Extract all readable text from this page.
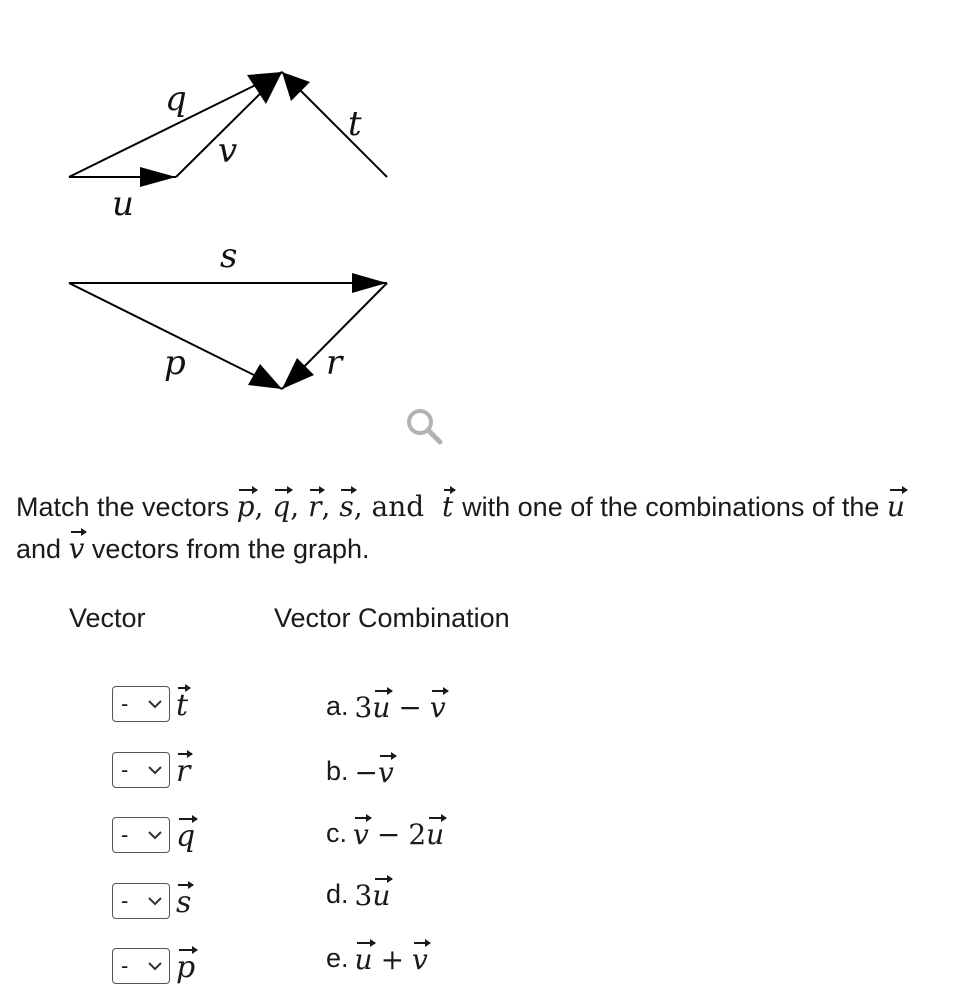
q
v
t
u
s
p	r
Match the vectors p, q, r, s, and t with one of the combinations of the u and v vectors from the graph.
Vector	Vector Combination
- t
- r
- q
- s
- p
a. 3u − v
b. −v
c. v − 2u
d. 3u
e. u + v
